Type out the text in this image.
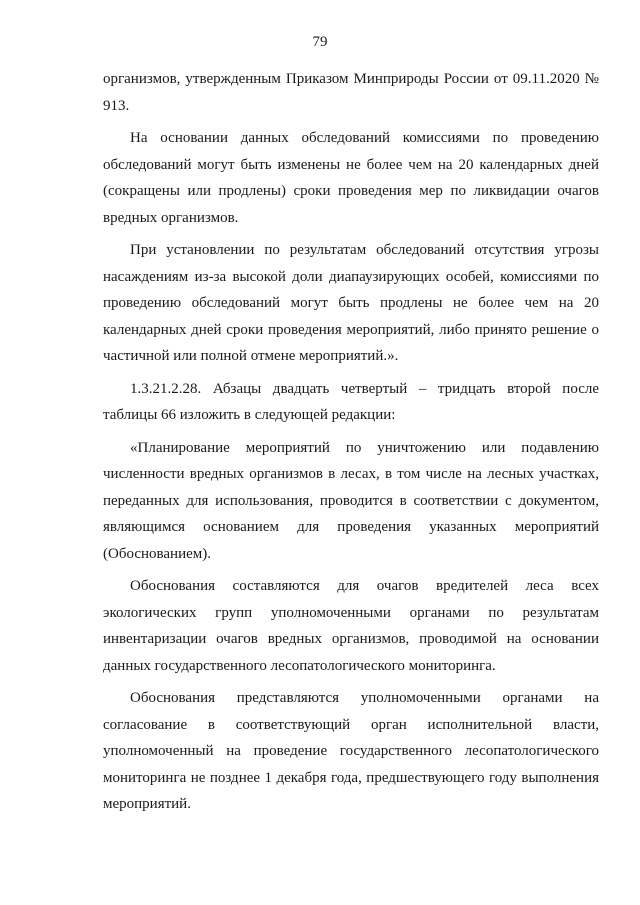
79

организмов, утвержденным Приказом Минприроды России от 09.11.2020 № 913.

На основании данных обследований комиссиями по проведению обследований могут быть изменены не более чем на 20 календарных дней (сокращены или продлены) сроки проведения мер по ликвидации очагов вредных организмов.

При установлении по результатам обследований отсутствия угрозы насаждениям из-за высокой доли диапаузирующих особей, комиссиями по проведению обследований могут быть продлены не более чем на 20 календарных дней сроки проведения мероприятий, либо принято решение о частичной или полной отмене мероприятий.».

1.3.21.2.28. Абзацы двадцать четвертый – тридцать второй после таблицы 66 изложить в следующей редакции:

«Планирование мероприятий по уничтожению или подавлению численности вредных организмов в лесах, в том числе на лесных участках, переданных для использования, проводится в соответствии с документом, являющимся основанием для проведения указанных мероприятий (Обоснованием).

Обоснования составляются для очагов вредителей леса всех экологических групп уполномоченными органами по результатам инвентаризации очагов вредных организмов, проводимой на основании данных государственного лесопатологического мониторинга.

Обоснования представляются уполномоченными органами на согласование в соответствующий орган исполнительной власти, уполномоченный на проведение государственного лесопатологического мониторинга не позднее 1 декабря года, предшествующего году выполнения мероприятий.
